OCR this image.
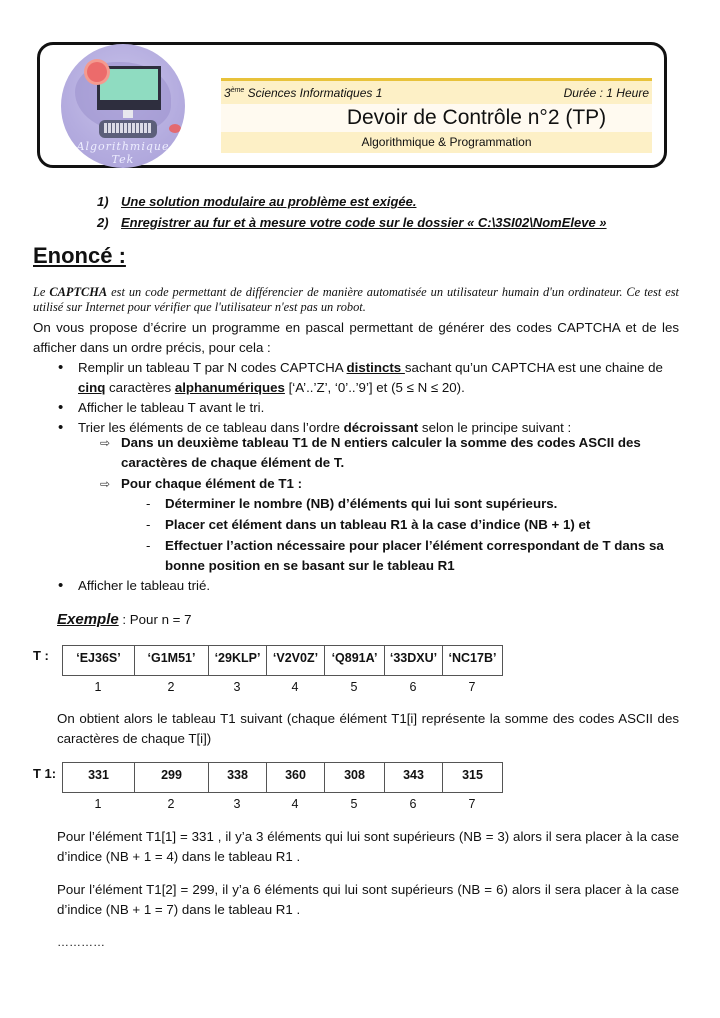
Algorithmique Tek
3ème Sciences Informatiques 1	Durée : 1 Heure
Devoir de Contrôle n°2 (TP)
Algorithmique & Programmation
1) Une solution modulaire au problème est exigée.
2) Enregistrer au fur et à mesure votre code sur le dossier « C:\3SI02\NomEleve »
Enoncé :
Le CAPTCHA est un code permettant de différencier de manière automatisée un utilisateur humain d'un ordinateur. Ce test est utilisé sur Internet pour vérifier que l'utilisateur n'est pas un robot.
On vous propose d’écrire un programme en pascal permettant de générer des codes CAPTCHA et de les afficher dans un ordre précis, pour cela :
• Remplir un tableau T par N codes CAPTCHA distincts sachant qu’un CAPTCHA est une chaine de cinq caractères alphanumériques [‘A’..’Z’, ‘0’..’9’] et (5 ≤ N ≤ 20).
• Afficher le tableau T avant le tri.
• Trier les éléments de ce tableau dans l’ordre décroissant selon le principe suivant :
⇨ Dans un deuxième tableau T1 de N entiers calculer la somme des codes ASCII des caractères de chaque élément de T.
⇨ Pour chaque élément de T1 :
- Déterminer le nombre (NB) d’éléments qui lui sont supérieurs.
- Placer cet élément dans un tableau R1 à la case d’indice (NB + 1) et
- Effectuer l’action nécessaire pour placer l’élément correspondant de T dans sa bonne position en se basant sur le tableau R1
• Afficher le tableau trié.
Exemple : Pour n = 7
T : ‘EJ36S’	‘G1M51’	‘29KLP’	‘V2V0Z’	‘Q891A’	‘33DXU’	‘NC17B’
1	2	3	4	5	6	7
On obtient alors le tableau T1 suivant (chaque élément T1[i] représente la somme des codes ASCII des caractères de chaque T[i])
T 1:	331	299	338	360	308	343	315
1	2	3	4	5	6	7
Pour l’élément T1[1] = 331 , il y’a 3 éléments qui lui sont supérieurs (NB = 3) alors il sera placer à la case d’indice (NB + 1 = 4) dans le tableau R1 .
Pour l’élément T1[2] = 299, il y’a 6 éléments qui lui sont supérieurs (NB = 6) alors il sera placer à la case d’indice (NB + 1 = 7) dans le tableau R1 .
…………
